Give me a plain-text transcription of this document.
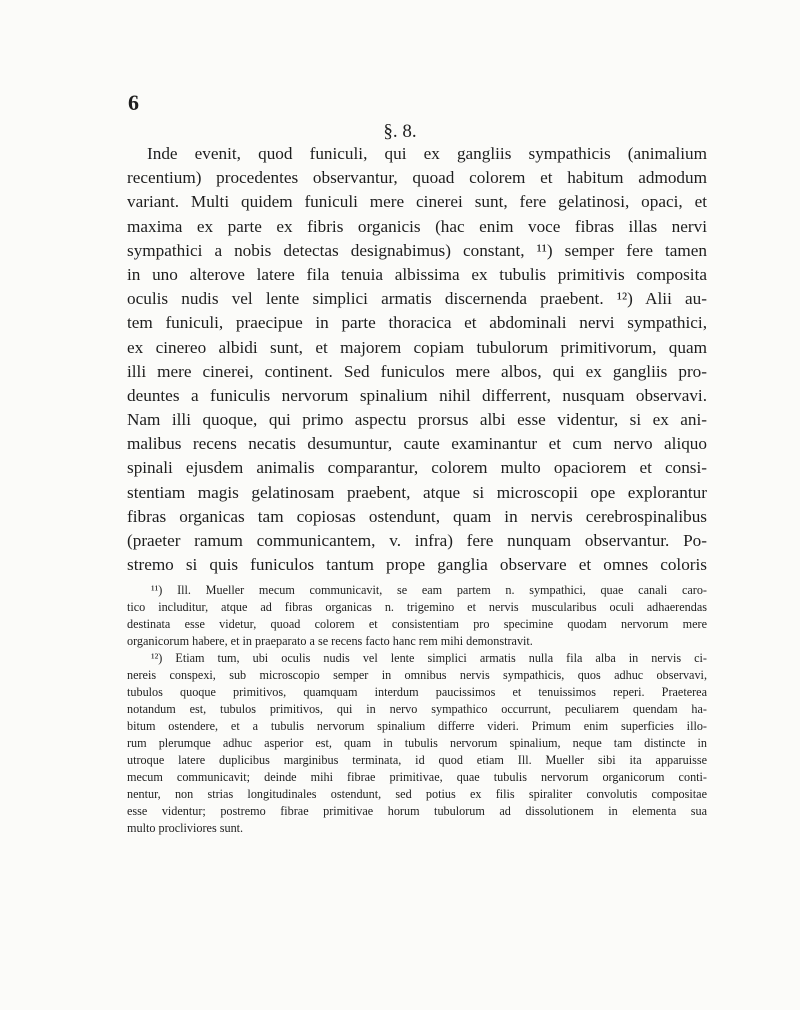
6
§. 8.
Inde evenit, quod funiculi, qui ex gangliis sympathicis (animalium
recentium) procedentes observantur, quoad colorem et habitum admodum
variant. Multi quidem funiculi mere cinerei sunt, fere gelatinosi, opaci, et
maxima ex parte ex fibris organicis (hac enim voce fibras illas nervi
sympathici a nobis detectas designabimus) constant, ¹¹) semper fere tamen
in uno alterove latere fila tenuia albissima ex tubulis primitivis composita
oculis nudis vel lente simplici armatis discernenda praebent. ¹²) Alii au-
tem funiculi, praecipue in parte thoracica et abdominali nervi sympathici,
ex cinereo albidi sunt, et majorem copiam tubulorum primitivorum, quam
illi mere cinerei, continent. Sed funiculos mere albos, qui ex gangliis pro-
deuntes a funiculis nervorum spinalium nihil differrent, nusquam observavi.
Nam illi quoque, qui primo aspectu prorsus albi esse videntur, si ex ani-
malibus recens necatis desumuntur, caute examinantur et cum nervo aliquo
spinali ejusdem animalis comparantur, colorem multo opaciorem et consi-
stentiam magis gelatinosam praebent, atque si microscopii ope explorantur
fibras organicas tam copiosas ostendunt, quam in nervis cerebrospinalibus
(praeter ramum communicantem, v. infra) fere nunquam observantur. Po-
stremo si quis funiculos tantum prope ganglia observare et omnes coloris
¹¹) Ill. Mueller mecum communicavit, se eam partem n. sympathici, quae canali caro-
tico includitur, atque ad fibras organicas n. trigemino et nervis muscularibus oculi adhaerendas
destinata esse videtur, quoad colorem et consistentiam pro specimine quodam nervorum mere
organicorum habere, et in praeparato a se recens facto hanc rem mihi demonstravit.
¹²) Etiam tum, ubi oculis nudis vel lente simplici armatis nulla fila alba in nervis ci-
nereis conspexi, sub microscopio semper in omnibus nervis sympathicis, quos adhuc observavi,
tubulos quoque primitivos, quamquam interdum paucissimos et tenuissimos reperi. Praeterea
notandum est, tubulos primitivos, qui in nervo sympathico occurrunt, peculiarem quendam ha-
bitum ostendere, et a tubulis nervorum spinalium differre videri. Primum enim superficies illo-
rum plerumque adhuc asperior est, quam in tubulis nervorum spinalium, neque tam distincte in
utroque latere duplicibus marginibus terminata, id quod etiam Ill. Mueller sibi ita apparuisse
mecum communicavit; deinde mihi fibrae primitivae, quae tubulis nervorum organicorum conti-
nentur, non strias longitudinales ostendunt, sed potius ex filis spiraliter convolutis compositae
esse videntur; postremo fibrae primitivae horum tubulorum ad dissolutionem in elementa sua
multo procliviores sunt.
